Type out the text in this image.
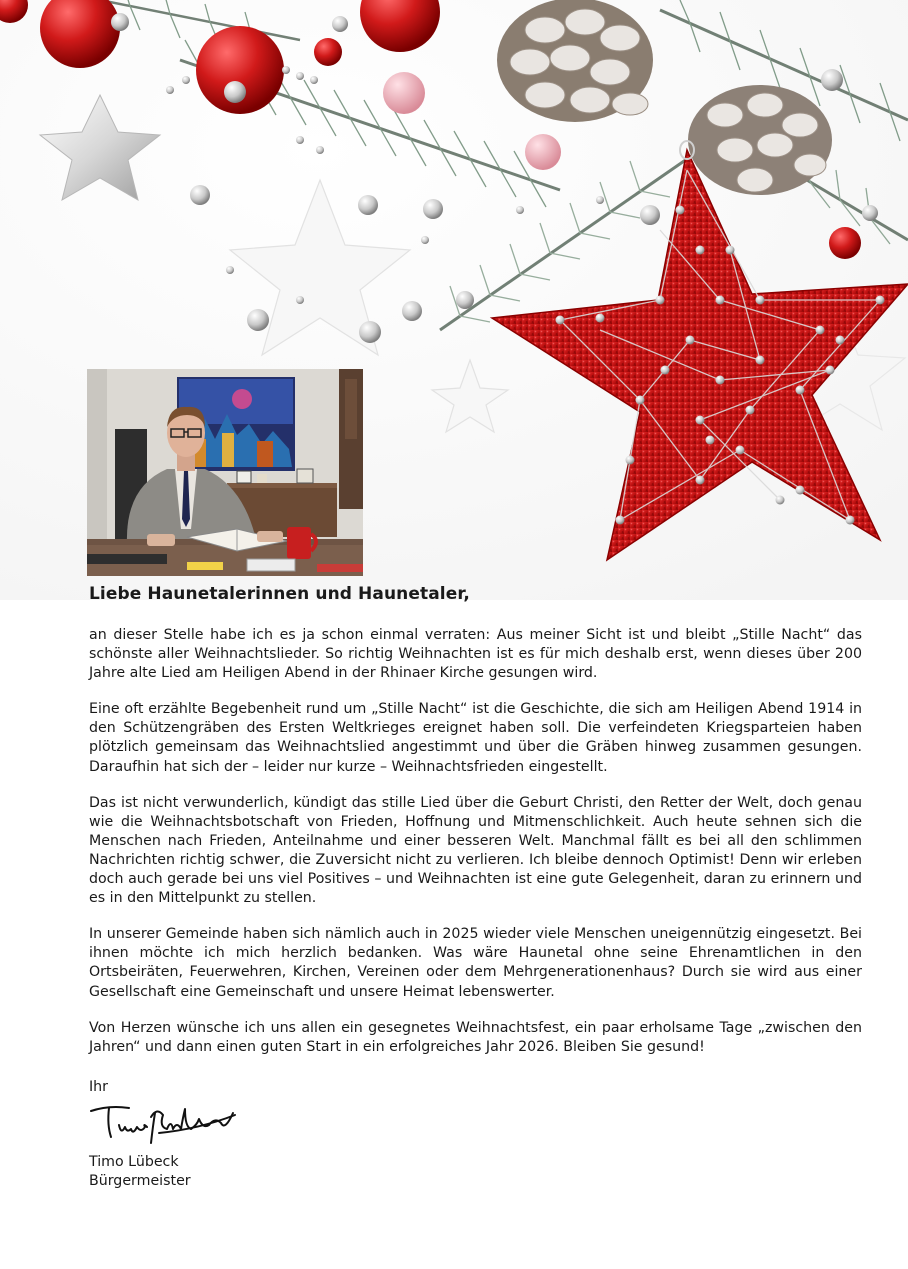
Liebe Haunetalerinnen und Haunetaler,

an dieser Stelle habe ich es ja schon einmal verraten: Aus meiner Sicht ist und bleibt „Stille Nacht“ das schönste aller Weihnachtslieder. So richtig Weihnachten ist es für mich deshalb erst, wenn dieses über 200 Jahre alte Lied am Heiligen Abend in der Rhinaer Kirche gesungen wird.

Eine oft erzählte Begebenheit rund um „Stille Nacht“ ist die Geschichte, die sich am Heiligen Abend 1914 in den Schützengräben des Ersten Weltkrieges ereignet haben soll. Die verfeindeten Kriegsparteien haben plötzlich gemeinsam das Weihnachtslied angestimmt und über die Gräben hinweg zusammen gesungen. Daraufhin hat sich der – leider nur kurze – Weihnachtsfrieden eingestellt.

Das ist nicht verwunderlich, kündigt das stille Lied über die Geburt Christi, den Retter der Welt, doch genau wie die Weihnachtsbotschaft von Frieden, Hoffnung und Mitmenschlichkeit. Auch heute sehnen sich die Menschen nach Frieden, Anteilnahme und einer besseren Welt. Manchmal fällt es bei all den schlimmen Nachrichten richtig schwer, die Zuversicht nicht zu verlieren. Ich bleibe dennoch Optimist! Denn wir erleben doch auch gerade bei uns viel Positives – und Weihnachten ist eine gute Gelegenheit, daran zu erinnern und es in den Mittelpunkt zu stellen.

In unserer Gemeinde haben sich nämlich auch in 2025 wieder viele Menschen uneigennützig eingesetzt. Bei ihnen möchte ich mich herzlich bedanken. Was wäre Haunetal ohne seine Ehrenamtlichen in den Ortsbeiräten, Feuerwehren, Kirchen, Vereinen oder dem Mehrgenerationenhaus? Durch sie wird aus einer Gesellschaft eine Gemeinschaft und unsere Heimat lebenswerter.

Von Herzen wünsche ich uns allen ein gesegnetes Weihnachtsfest, ein paar erholsame Tage „zwischen den Jahren“ und dann einen guten Start in ein erfolgreiches Jahr 2026. Bleiben Sie gesund!

Ihr
Timo Lübeck
Bürgermeister
